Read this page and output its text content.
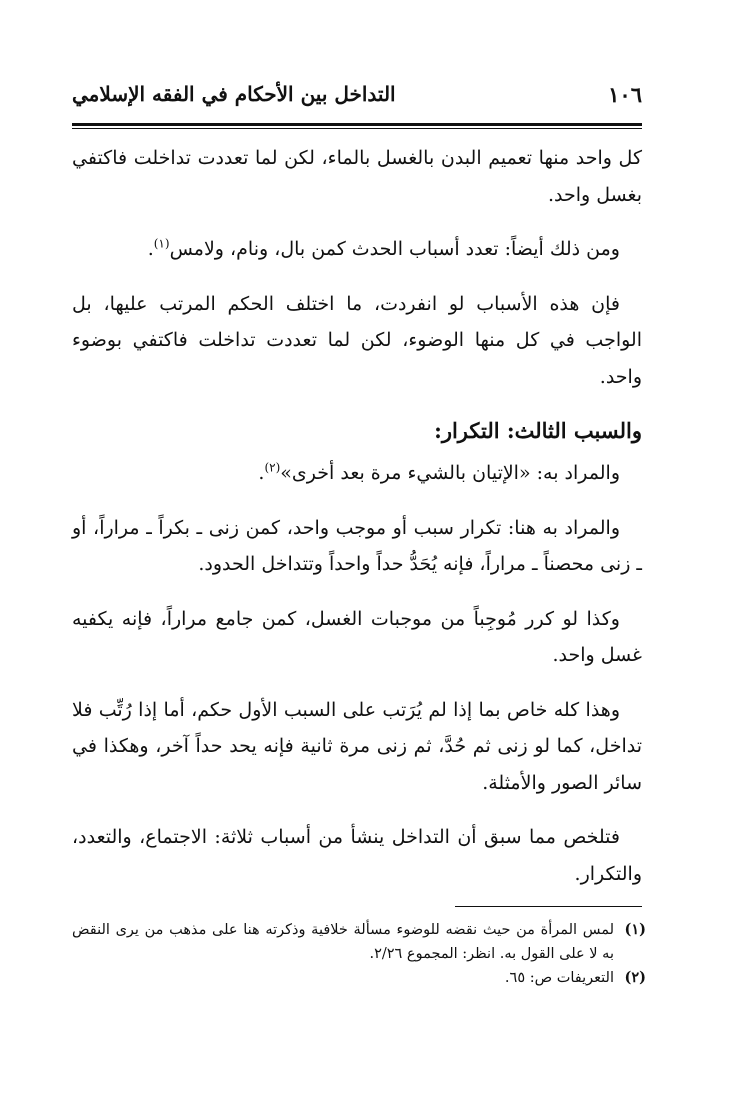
١٠٦
التداخل بين الأحكام في الفقه الإسلامي

كل واحد منها تعميم البدن بالغسل بالماء، لكن لما تعددت تداخلت فاكتفي بغسل واحد.

ومن ذلك أيضاً: تعدد أسباب الحدث كمن بال، ونام، ولامس$^{(١)}$.

فإن هذه الأسباب لو انفردت، ما اختلف الحكم المرتب عليها، بل الواجب في كل منها الوضوء، لكن لما تعددت تداخلت فاكتفي بوضوء واحد.

والسبب الثالث: التكرار:

والمراد به: «الإتيان بالشيء مرة بعد أخرى»$^{(٢)}$.

والمراد به هنا: تكرار سبب أو موجب واحد، كمن زنى ـ بكراً ـ مراراً، أو ـ زنى محصناً ـ مراراً، فإنه يُحَدُّ حداً واحداً وتتداخل الحدود.

وكذا لو كرر مُوجِباً من موجبات الغسل، كمن جامع مراراً، فإنه يكفيه غسل واحد.

وهذا كله خاص بما إذا لم يُرَتب على السبب الأول حكم، أما إذا رُتِّب فلا تداخل، كما لو زنى ثم حُدَّ، ثم زنى مرة ثانية فإنه يحد حداً آخر، وهكذا في سائر الصور والأمثلة.

فتلخص مما سبق أن التداخل ينشأ من أسباب ثلاثة: الاجتماع، والتعدد، والتكرار.

(١)
لمس المرأة من حيث نقضه للوضوء مسألة خلافية وذكرته هنا على مذهب من يرى النقض به لا على القول به. انظر: المجموع ٢/٢٦.
(٢)
التعريفات ص: ٦٥.
